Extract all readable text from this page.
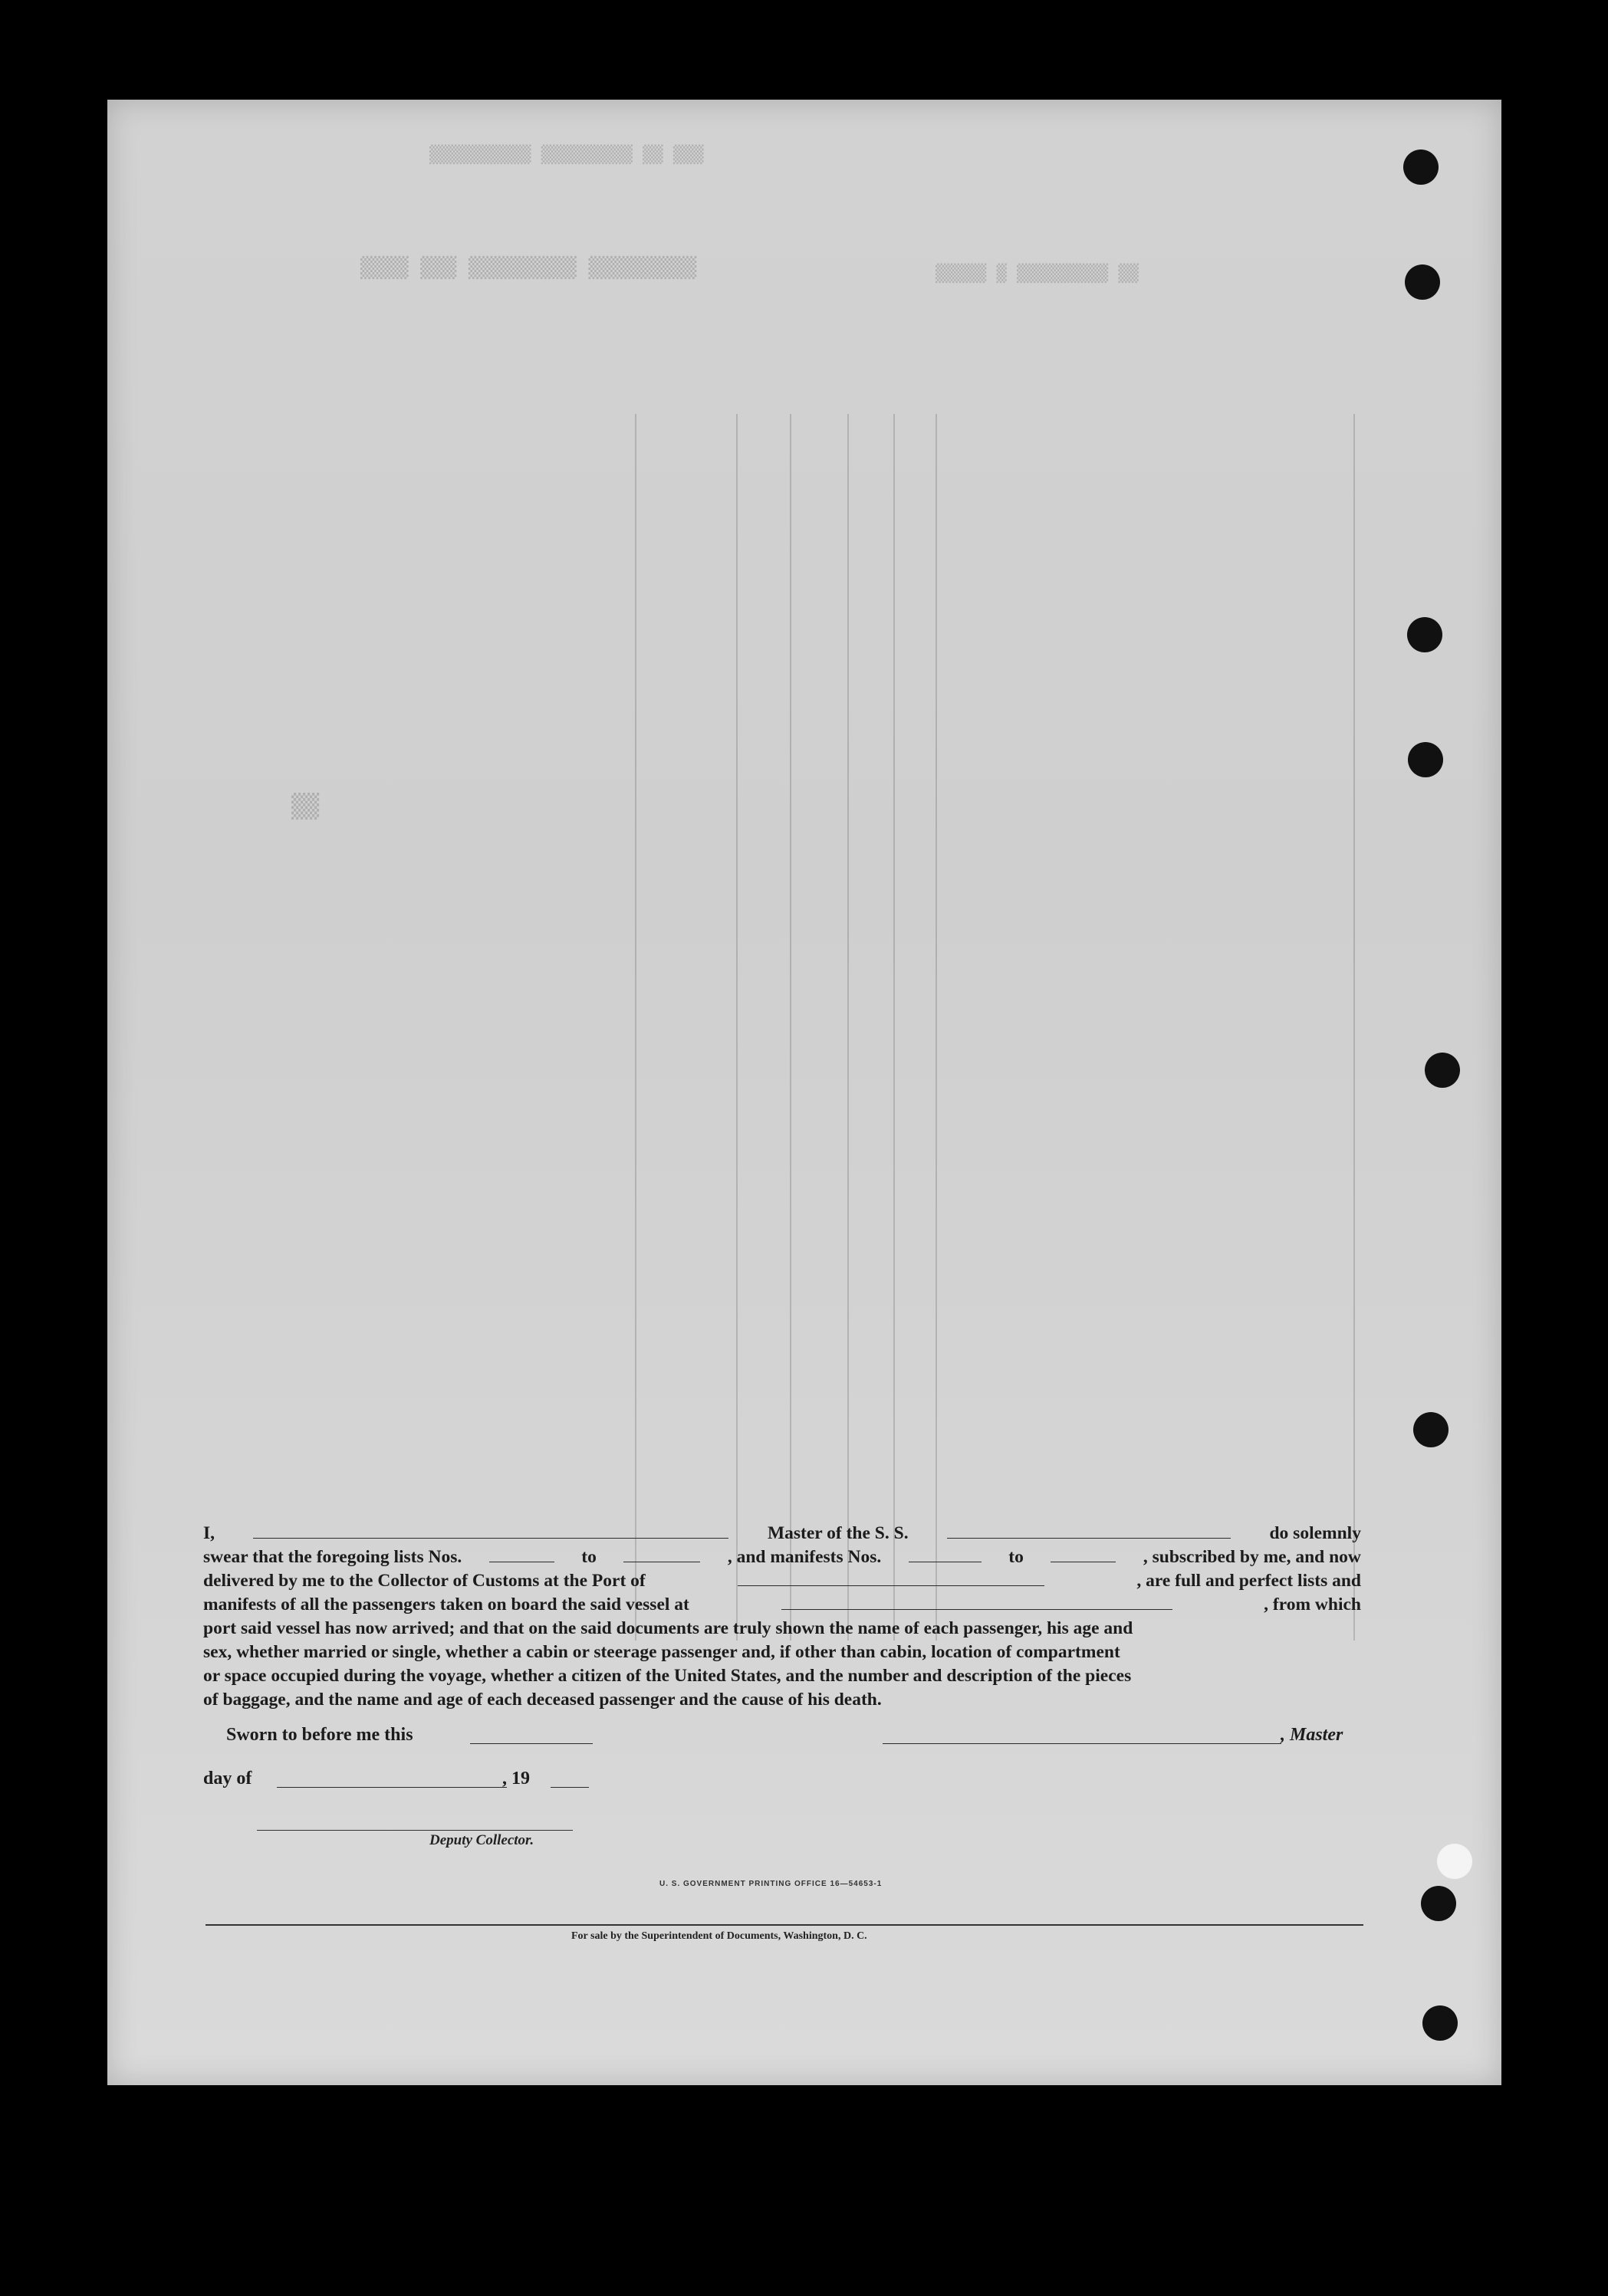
▒▒▒ ▒▒ ▒▒▒▒▒▒▒▒▒ ▒▒▒▒▒▒▒▒▒▒
▒▒▒▒▒▒▒▒▒ ▒▒▒▒▒▒▒▒▒ ▒▒▒ ▒▒▒▒	▒▒ ▒▒▒▒▒▒▒▒▒ ▒ ▒▒▒▒▒
▒▒
I,	Master of the S. S.	do solemnly
swear that the foregoing lists Nos.	to	, and manifests Nos.	to	, subscribed by me, and now
delivered by me to the Collector of Customs at the Port of	, are full and perfect lists and
manifests of all the passengers taken on board the said vessel at	, from which
port said vessel has now arrived; and that on the said documents are truly shown the name of each passenger, his age and
sex, whether married or single, whether a cabin or steerage passenger and, if other than cabin, location of compartment
or space occupied during the voyage, whether a citizen of the United States, and the number and description of the pieces
of baggage, and the name and age of each deceased passenger and the cause of his death.
Sworn to before me this	, Master
day of	, 19
Deputy Collector.
U. S. GOVERNMENT PRINTING OFFICE 16—54653-1
For sale by the Superintendent of Documents, Washington, D. C.
